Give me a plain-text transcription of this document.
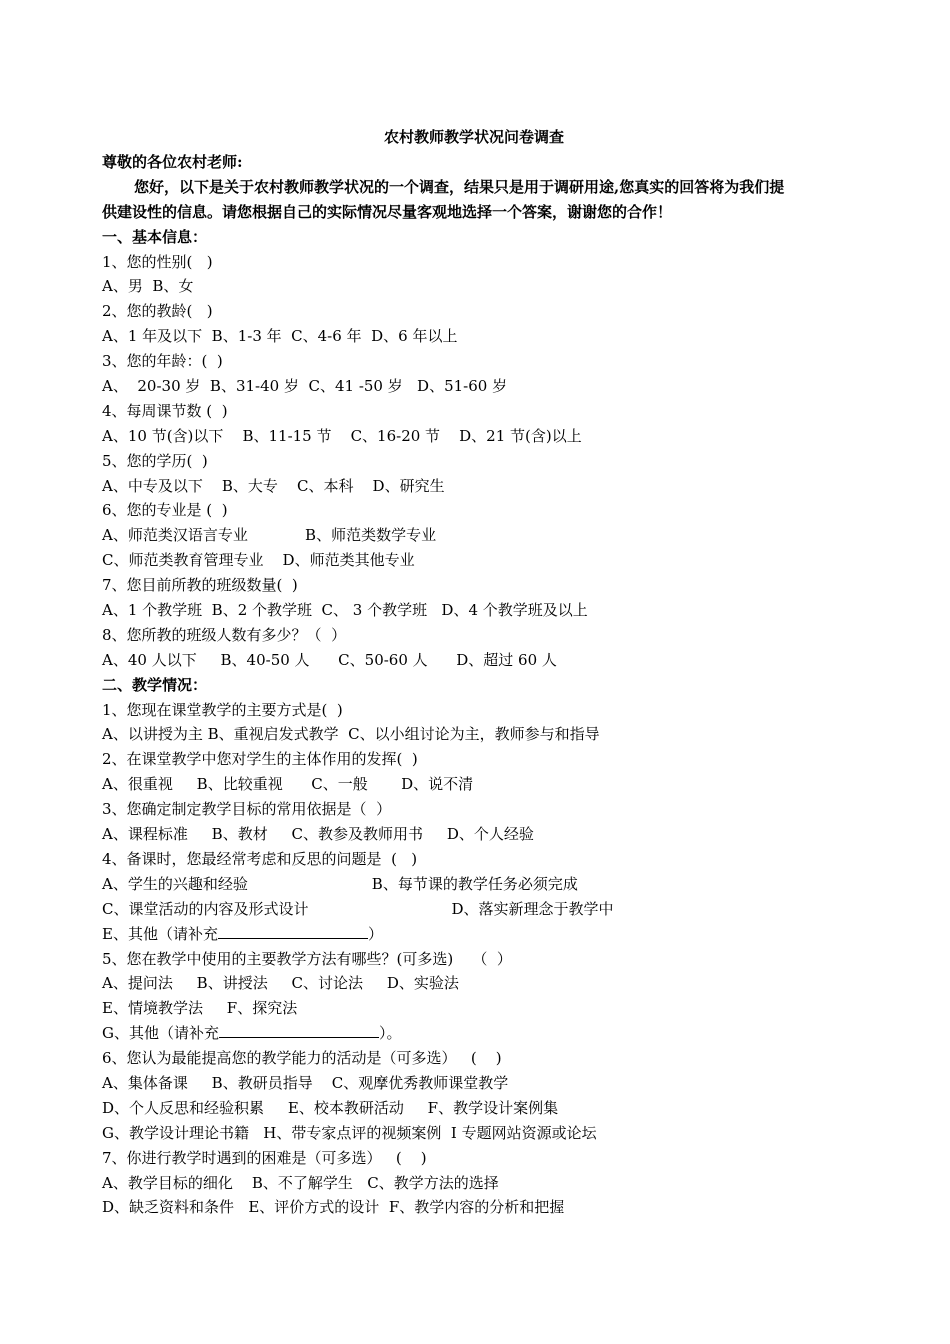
农村教师教学状况问卷调查
尊敬的各位农村老师:
您好，以下是关于农村教师教学状况的一个调查，结果只是用于调研用途,您真实的回答将为我们提
供建设性的信息。请您根据自己的实际情况尽量客观地选择一个答案，谢谢您的合作！
一、基本信息：
1、您的性别(   )
A、男  B、女
2、您的教龄(   )
A、1 年及以下  B、1-3 年  C、4-6 年  D、6 年以上
3、您的年龄：(  )
A、  20-30 岁  B、31-40 岁  C、41 -50 岁   D、51-60 岁
4、每周课节数 (  )
A、10 节(含)以下    B、11-15 节    C、16-20 节    D、21 节(含)以上
5、您的学历(  )
A、中专及以下    B、大专    C、本科    D、研究生
6、您的专业是 (  )
A、师范类汉语言专业            B、师范类数学专业
C、师范类教育管理专业    D、师范类其他专业
7、您目前所教的班级数量(  )
A、1 个教学班  B、2 个教学班  C、 3 个教学班   D、4 个教学班及以上
8、您所教的班级人数有多少？（  ）
A、40 人以下     B、40-50 人      C、50-60 人      D、超过 60 人
二、教学情况：
1、您现在课堂教学的主要方式是(  )
A、以讲授为主 B、重视启发式教学  C、以小组讨论为主，教师参与和指导
2、在课堂教学中您对学生的主体作用的发挥(  )
A、很重视     B、比较重视      C、一般       D、说不清
3、您确定制定教学目标的常用依据是（  ）
A、课程标准     B、教材     C、教参及教师用书     D、个人经验
4、备课时，您最经常考虑和反思的问题是  (   )
A、学生的兴趣和经验                          B、每节课的教学任务必须完成
C、课堂活动的内容及形式设计                              D、落实新理念于教学中
E、其他（请补充	）
5、您在教学中使用的主要教学方法有哪些？(可多选)    （  ）
A、提问法     B、讲授法     C、讨论法     D、实验法
E、情境教学法     F、探究法
G、其他（请补充	）。
6、您认为最能提高您的教学能力的活动是（可多选）   (    )
A、集体备课     B、教研员指导    C、观摩优秀教师课堂教学
D、个人反思和经验积累     E、校本教研活动     F、教学设计案例集
G、教学设计理论书籍   H、带专家点评的视频案例  I 专题网站资源或论坛
7、你进行教学时遇到的困难是（可多选）   (    )
A、教学目标的细化    B、不了解学生   C、教学方法的选择
D、缺乏资料和条件   E、评价方式的设计  F、教学内容的分析和把握
